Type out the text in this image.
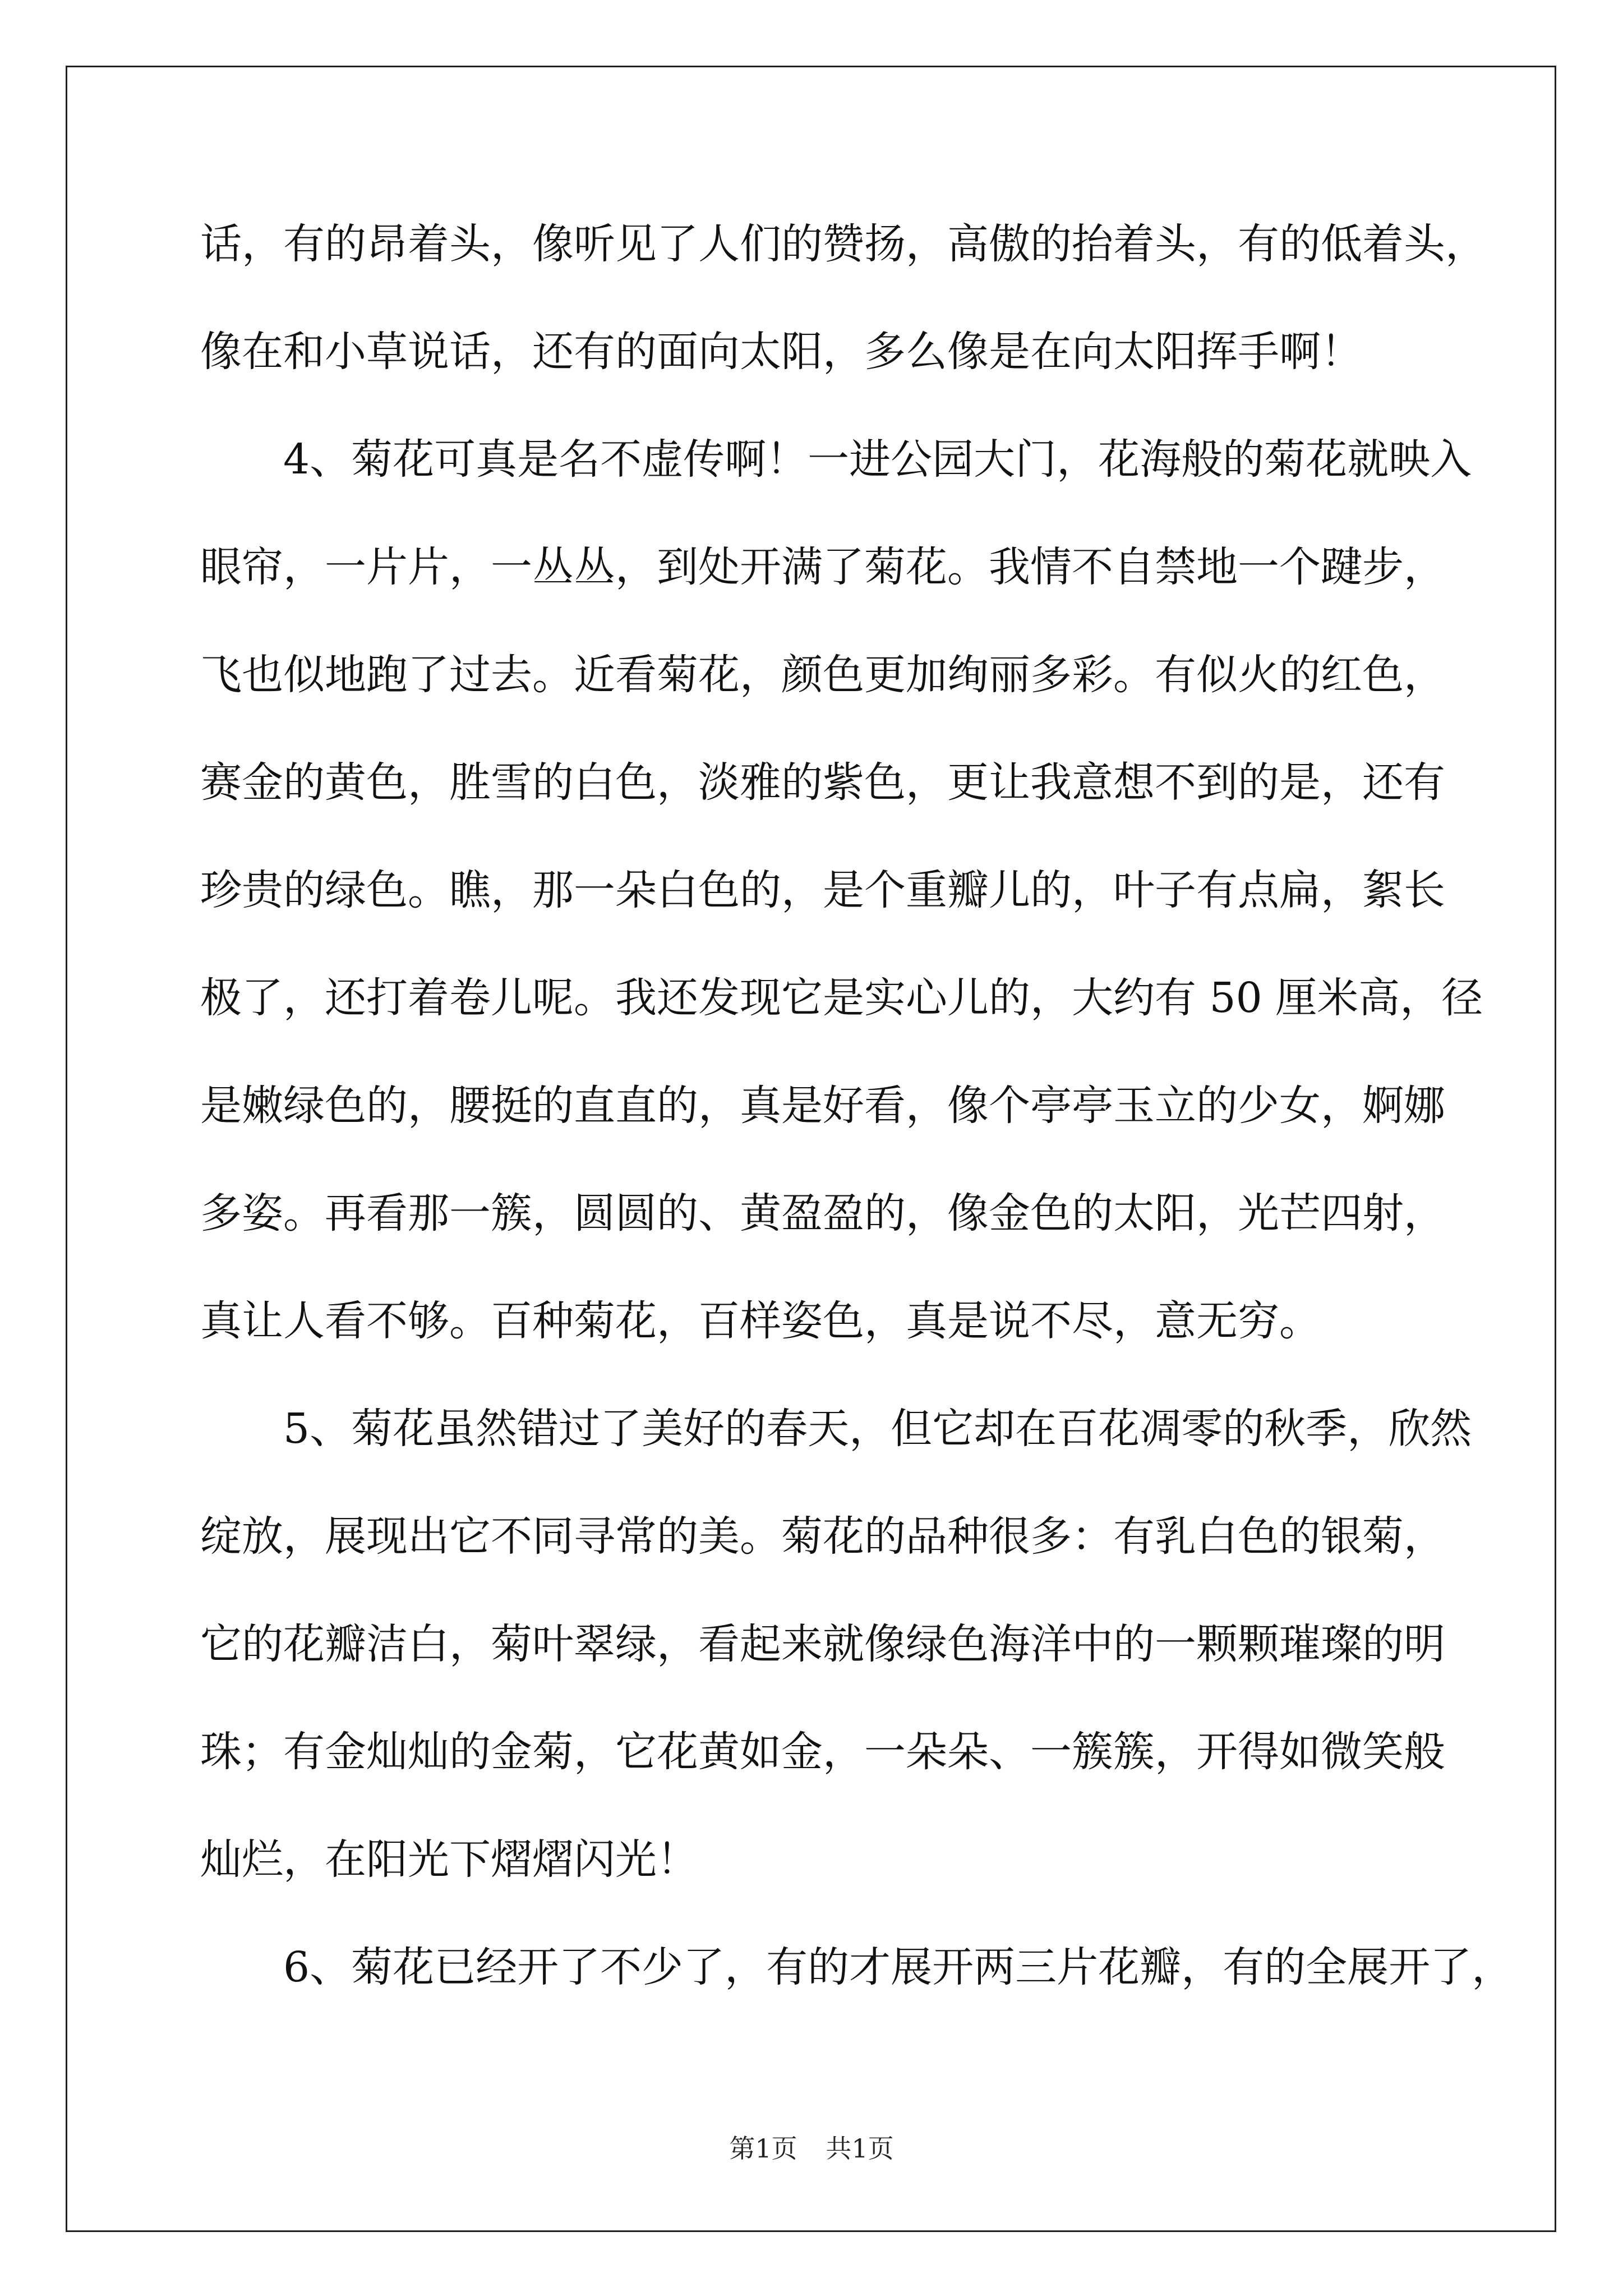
话，有的昂着头，像听见了人们的赞扬，高傲的抬着头，有的低着头，
像在和小草说话，还有的面向太阳，多么像是在向太阳挥手啊！
4、菊花可真是名不虚传啊！一进公园大门，花海般的菊花就映入
眼帘，一片片，一丛丛，到处开满了菊花。我情不自禁地一个踺步，
飞也似地跑了过去。近看菊花，颜色更加绚丽多彩。有似火的红色，
赛金的黄色，胜雪的白色，淡雅的紫色，更让我意想不到的是，还有
珍贵的绿色。瞧，那一朵白色的，是个重瓣儿的，叶子有点扁，絮长
极了，还打着卷儿呢。我还发现它是实心儿的，大约有 50 厘米高，径
是嫩绿色的，腰挺的直直的，真是好看，像个亭亭玉立的少女，婀娜
多姿。再看那一簇，圆圆的、黄盈盈的，像金色的太阳，光芒四射，
真让人看不够。百种菊花，百样姿色，真是说不尽，意无穷。
5、菊花虽然错过了美好的春天，但它却在百花凋零的秋季，欣然
绽放，展现出它不同寻常的美。菊花的品种很多：有乳白色的银菊，
它的花瓣洁白，菊叶翠绿，看起来就像绿色海洋中的一颗颗璀璨的明
珠；有金灿灿的金菊，它花黄如金，一朵朵、一簇簇，开得如微笑般
灿烂，在阳光下熠熠闪光！
6、菊花已经开了不少了，有的才展开两三片花瓣，有的全展开了，
第1页 共1页
